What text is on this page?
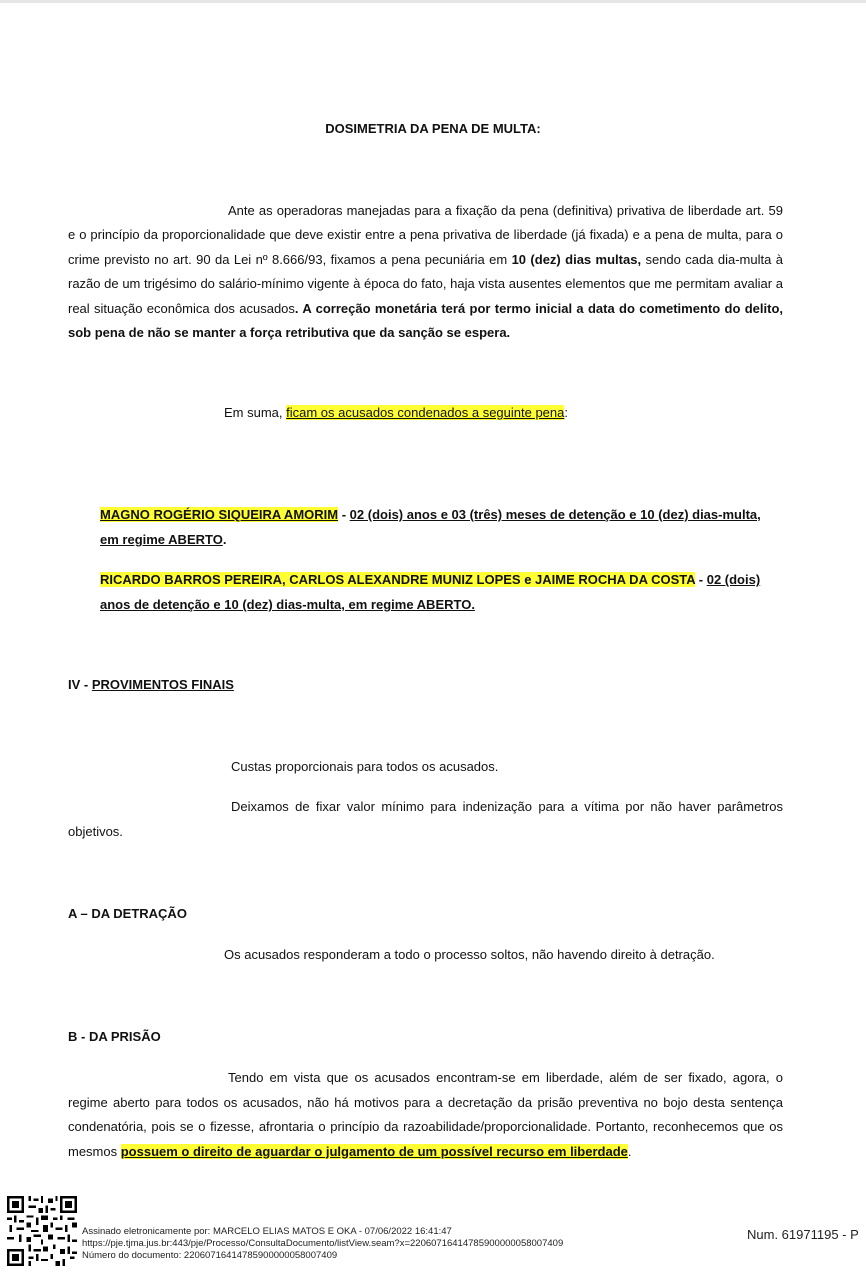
DOSIMETRIA DA PENA DE MULTA:
Ante as operadoras manejadas para a fixação da pena (definitiva) privativa de liberdade art. 59 e o princípio da proporcionalidade que deve existir entre a pena privativa de liberdade (já fixada) e a pena de multa, para o crime previsto no art. 90 da Lei nº 8.666/93, fixamos a pena pecuniária em 10 (dez) dias multas, sendo cada dia-multa à razão de um trigésimo do salário-mínimo vigente à época do fato, haja vista ausentes elementos que me permitam avaliar a real situação econômica dos acusados. A correção monetária terá por termo inicial a data do cometimento do delito, sob pena de não se manter a força retributiva que da sanção se espera.
Em suma, ficam os acusados condenados a seguinte pena:
MAGNO ROGÉRIO SIQUEIRA AMORIM - 02 (dois) anos e 03 (três) meses de detenção e 10 (dez) dias-multa,
em regime ABERTO.
RICARDO BARROS PEREIRA, CARLOS ALEXANDRE MUNIZ LOPES e JAIME ROCHA DA COSTA - 02 (dois)
anos de detenção e 10 (dez) dias-multa, em regime ABERTO.
IV - PROVIMENTOS FINAIS
Custas proporcionais para todos os acusados.
Deixamos de fixar valor mínimo para indenização para a vítima por não haver parâmetros
objetivos.
A – DA DETRAÇÃO
Os acusados responderam a todo o processo soltos, não havendo direito à detração.
B - DA PRISÃO
Tendo em vista que os acusados encontram-se em liberdade, além de ser fixado, agora, o regime aberto para todos os acusados, não há motivos para a decretação da prisão preventiva no bojo desta sentença condenatória, pois se o fizesse, afrontaria o princípio da razoabilidade/proporcionalidade. Portanto, reconhecemos que os mesmos possuem o direito de aguardar o julgamento de um possível recurso em liberdade.
Assinado eletronicamente por: MARCELO ELIAS MATOS E OKA - 07/06/2022 16:41:47
https://pje.tjma.jus.br:443/pje/Processo/ConsultaDocumento/listView.seam?x=22060716414785900000058007409
Número do documento: 22060716414785900000058007409
Num. 61971195 - P
